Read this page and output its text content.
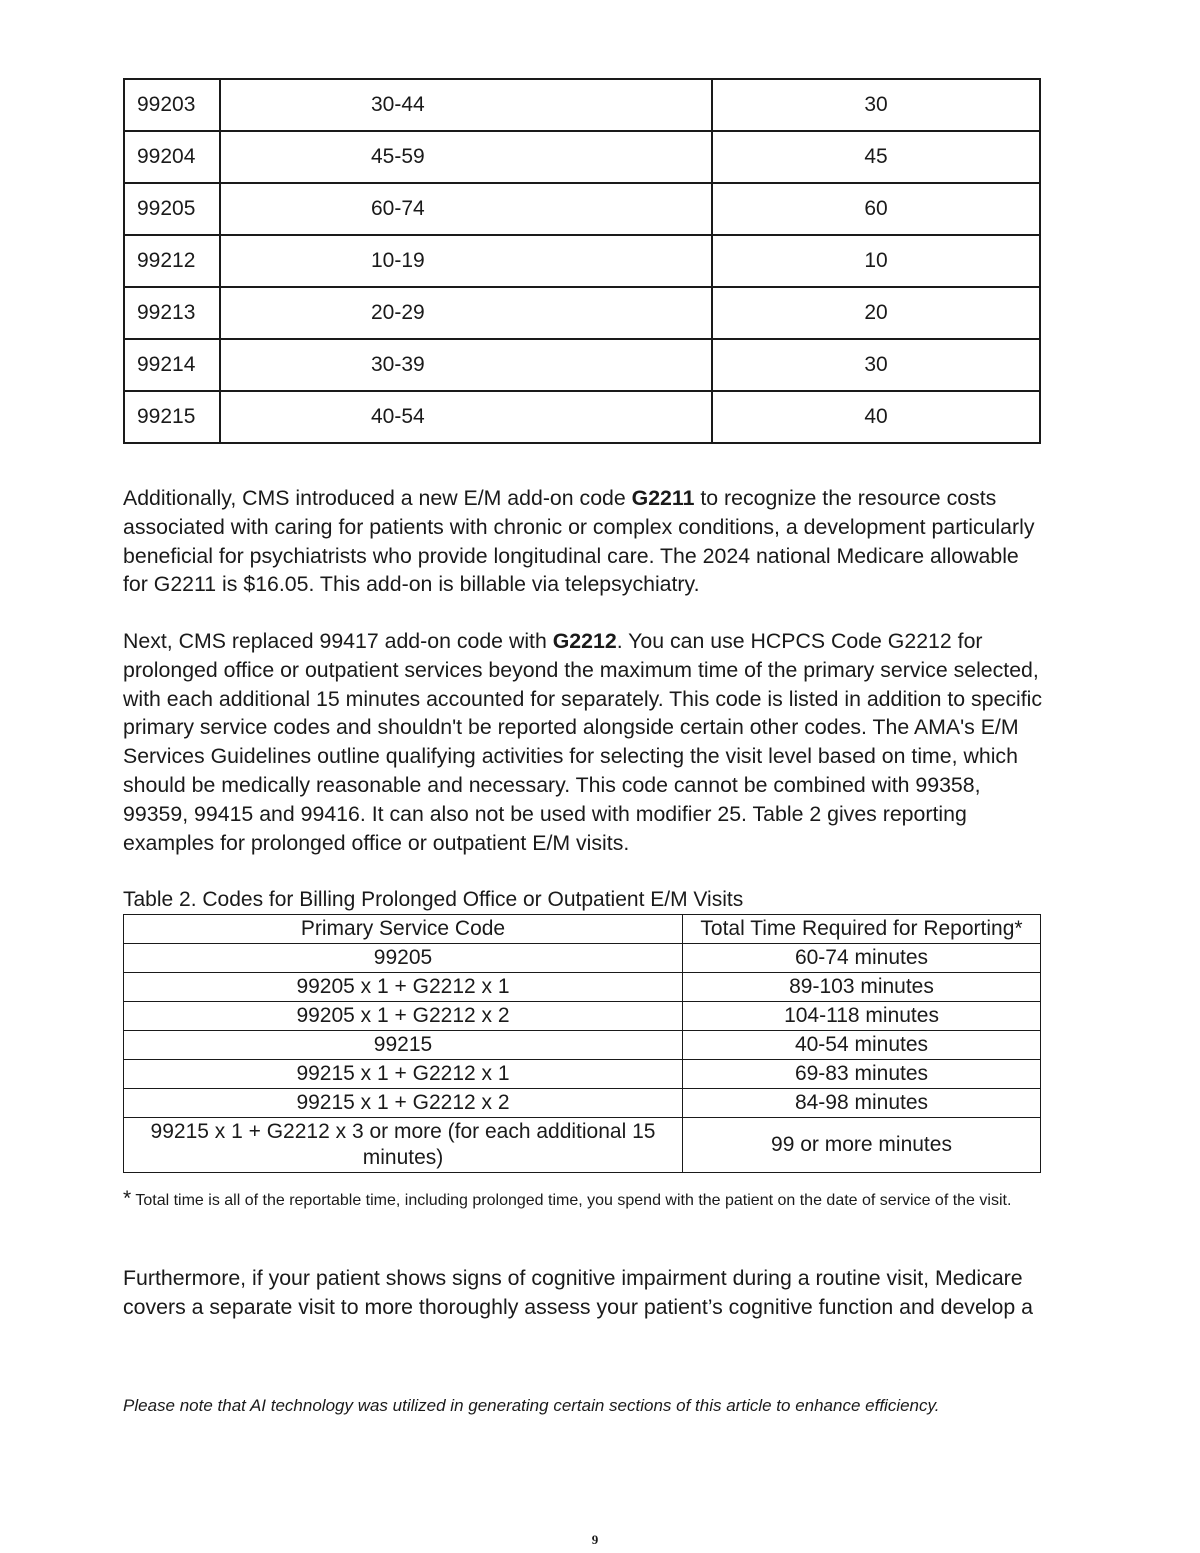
99203	30-44	30
99204	45-59	45
99205	60-74	60
99212	10-19	10
99213	20-29	20
99214	30-39	30
99215	40-54	40

Additionally, CMS introduced a new E/M add-on code G2211 to recognize the resource costs associated with caring for patients with chronic or complex conditions, a development particularly beneficial for psychiatrists who provide longitudinal care. The 2024 national Medicare allowable for G2211 is $16.05. This add-on is billable via telepsychiatry.

Next, CMS replaced 99417 add-on code with G2212. You can use HCPCS Code G2212 for prolonged office or outpatient services beyond the maximum time of the primary service selected, with each additional 15 minutes accounted for separately. This code is listed in addition to specific primary service codes and shouldn't be reported alongside certain other codes. The AMA's E/M Services Guidelines outline qualifying activities for selecting the visit level based on time, which should be medically reasonable and necessary. This code cannot be combined with 99358, 99359, 99415 and 99416. It can also not be used with modifier 25. Table 2 gives reporting examples for prolonged office or outpatient E/M visits.

Table 2. Codes for Billing Prolonged Office or Outpatient E/M Visits

Primary Service Code	Total Time Required for Reporting*
99205	60-74 minutes
99205 x 1 + G2212 x 1	89-103 minutes
99205 x 1 + G2212 x 2	104-118 minutes
99215	40-54 minutes
99215 x 1 + G2212 x 1	69-83 minutes
99215 x 1 + G2212 x 2	84-98 minutes
99215 x 1 + G2212 x 3 or more (for each additional 15 minutes)	99 or more minutes

* Total time is all of the reportable time, including prolonged time, you spend with the patient on the date of service of the visit.

Furthermore, if your patient shows signs of cognitive impairment during a routine visit, Medicare covers a separate visit to more thoroughly assess your patient’s cognitive function and develop a

Please note that AI technology was utilized in generating certain sections of this article to enhance efficiency.

9
